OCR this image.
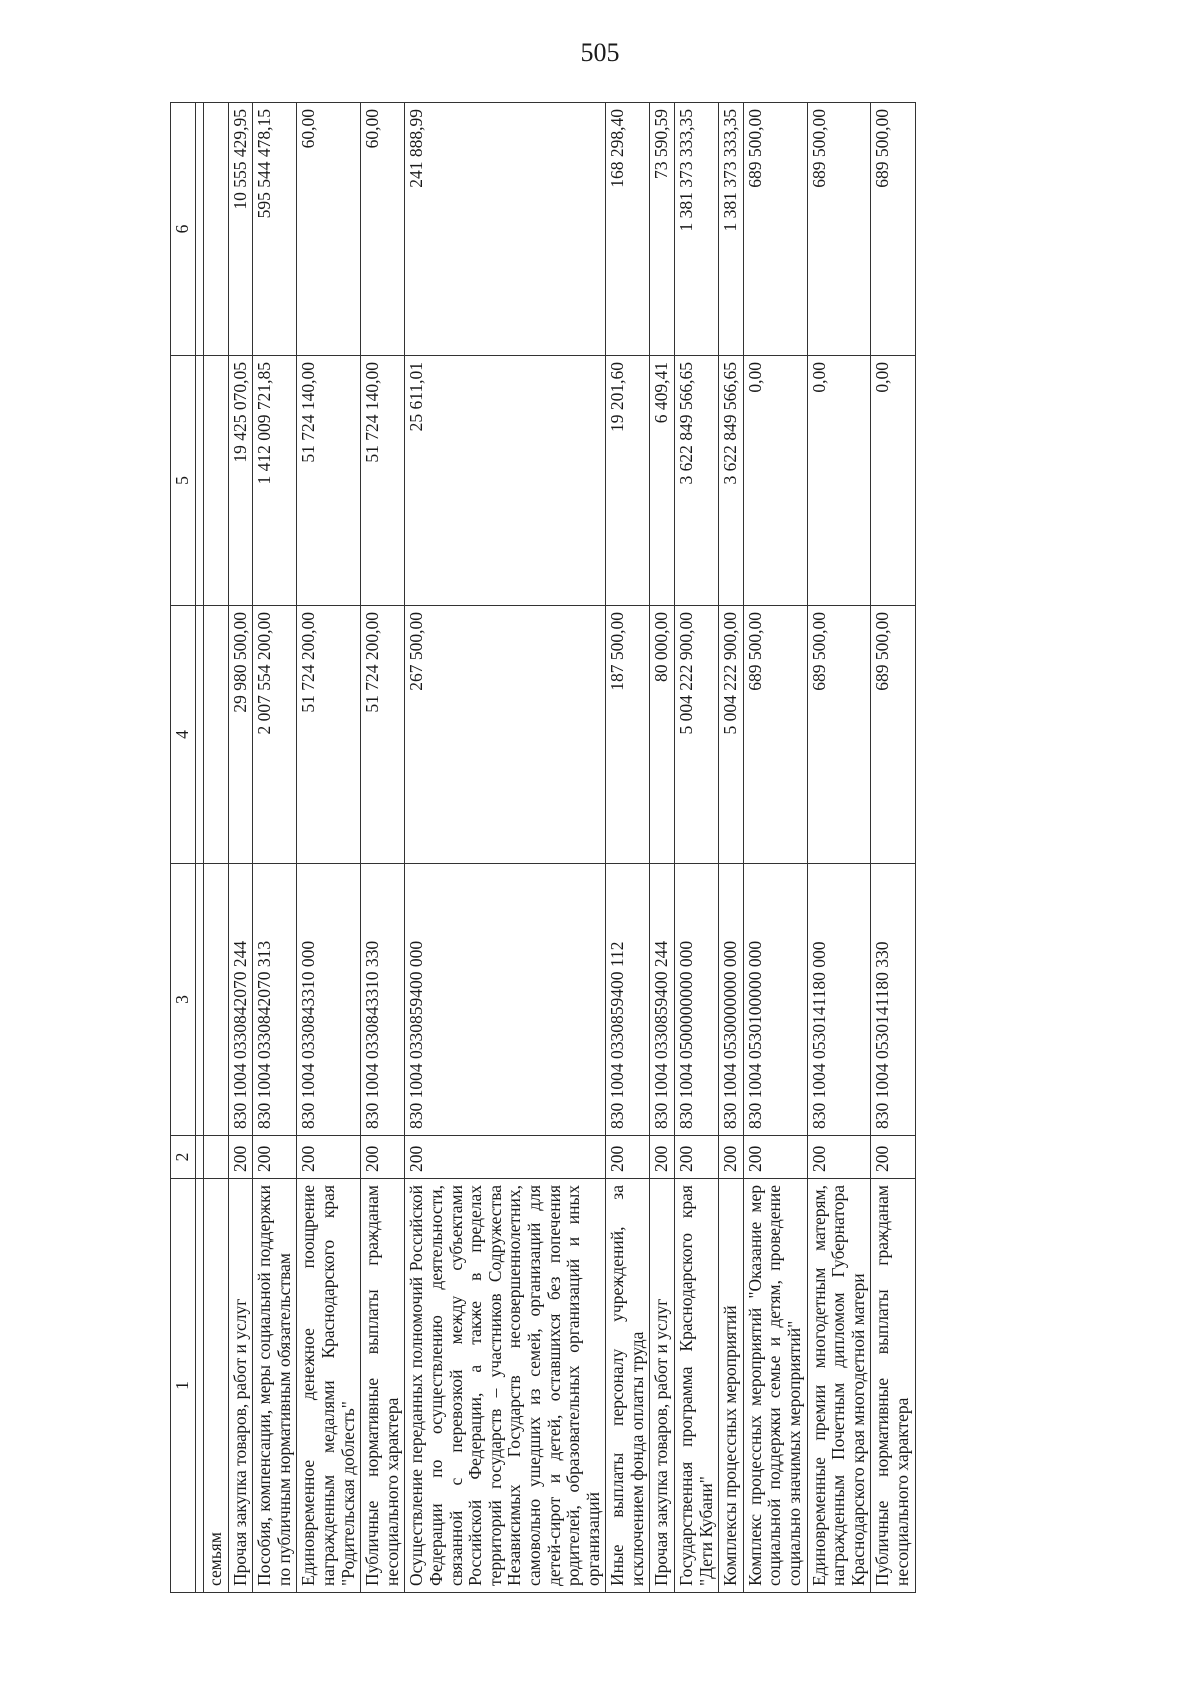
505
1	2	3	4	5	6

семьям					
Прочая закупка товаров, работ и услуг	200	830 1004 0330842070 244	29 980 500,00	19 425 070,05	10 555 429,95
Пособия, компенсации, меры социальной поддержки по публичным нормативным обязательствам	200	830 1004 0330842070 313	2 007 554 200,00	1 412 009 721,85	595 544 478,15
Единовременное денежное поощрение награжденным медалями Краснодарского края "Родительская доблесть"	200	830 1004 0330843310 000	51 724 200,00	51 724 140,00	60,00
Публичные нормативные выплаты гражданам несоциального характера	200	830 1004 0330843310 330	51 724 200,00	51 724 140,00	60,00
Осуществление переданных полномочий Российской Федерации по осуществлению деятельности, связанной с перевозкой между субъектами Российской Федерации, а также в пределах территорий государств – участников Содружества Независимых Государств несовершеннолетних, самовольно ушедших из семей, организаций для детей-сирот и детей, оставшихся без попечения родителей, образовательных организаций и иных организаций	200	830 1004 0330859400 000	267 500,00	25 611,01	241 888,99
Иные выплаты персоналу учреждений, за исключением фонда оплаты труда	200	830 1004 0330859400 112	187 500,00	19 201,60	168 298,40
Прочая закупка товаров, работ и услуг	200	830 1004 0330859400 244	80 000,00	6 409,41	73 590,59
Государственная программа Краснодарского края "Дети Кубани"	200	830 1004 0500000000 000	5 004 222 900,00	3 622 849 566,65	1 381 373 333,35
Комплексы процессных мероприятий	200	830 1004 0530000000 000	5 004 222 900,00	3 622 849 566,65	1 381 373 333,35
Комплекс процессных мероприятий "Оказание мер социальной поддержки семье и детям, проведение социально значимых мероприятий"	200	830 1004 0530100000 000	689 500,00	0,00	689 500,00
Единовременные премии многодетным матерям, награжденным Почетным дипломом Губернатора Краснодарского края многодетной матери	200	830 1004 0530141180 000	689 500,00	0,00	689 500,00
Публичные нормативные выплаты гражданам несоциального характера	200	830 1004 0530141180 330	689 500,00	0,00	689 500,00
